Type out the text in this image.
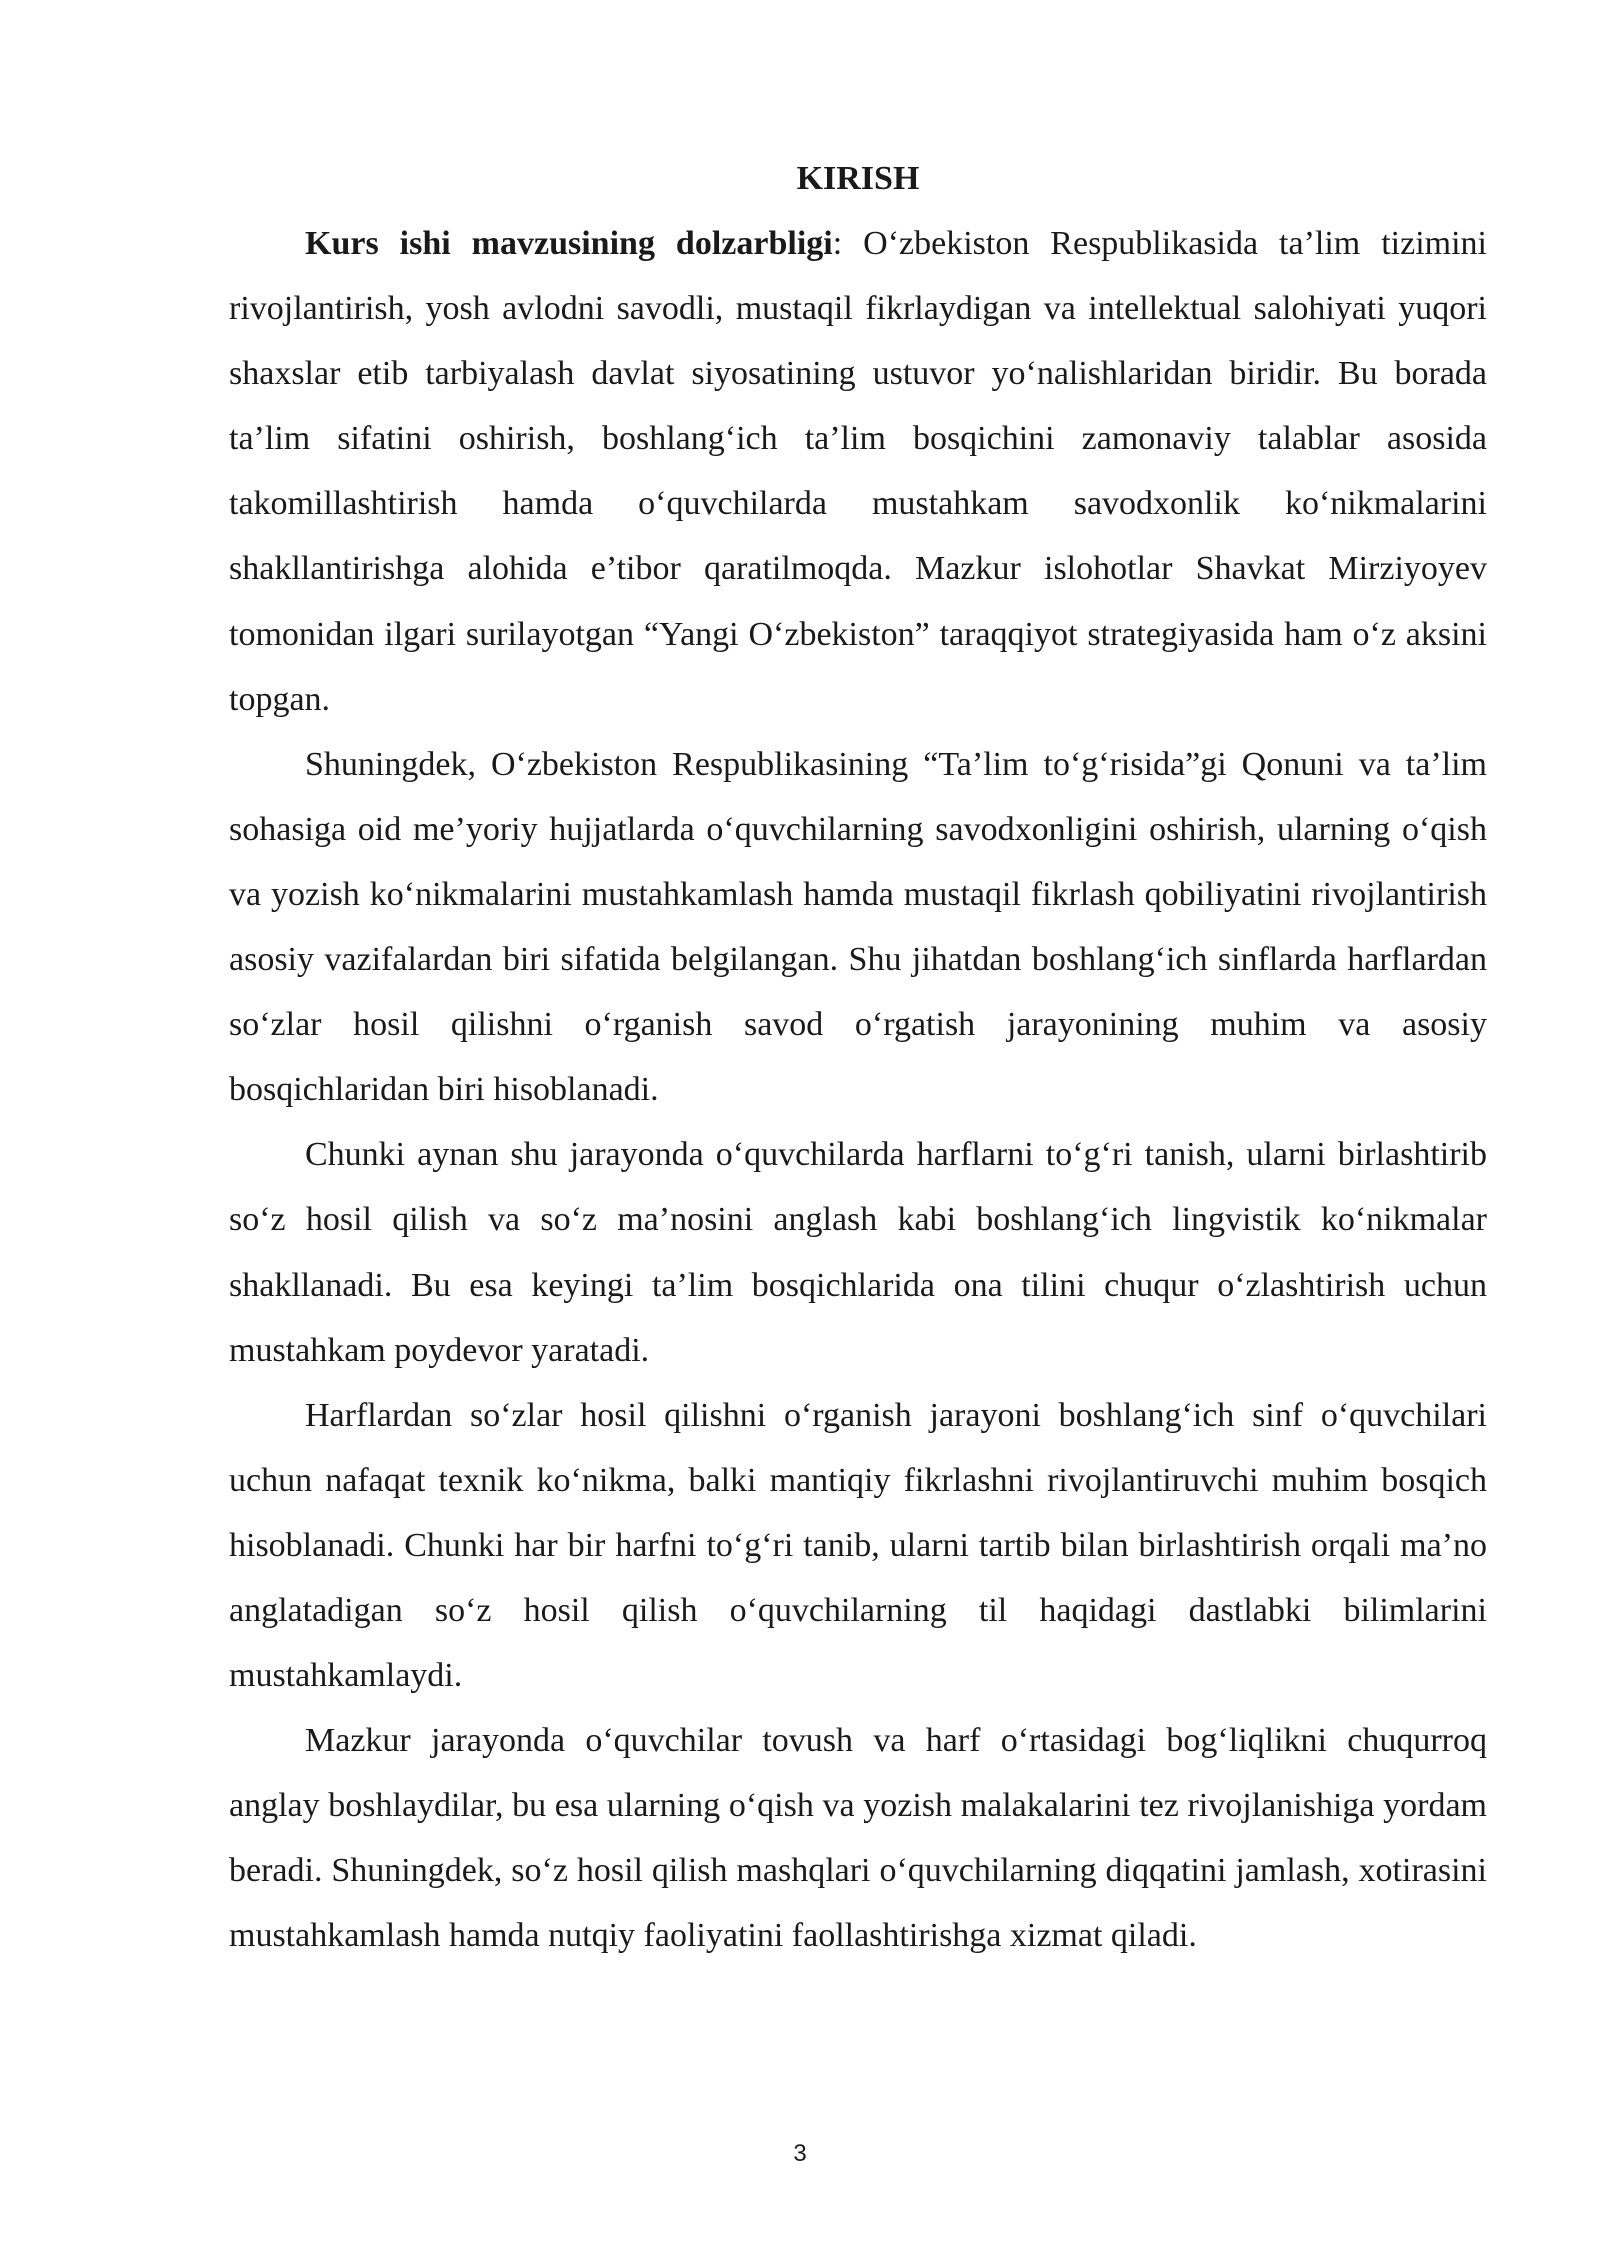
KIRISH

Kurs ishi mavzusining dolzarbligi: O‘zbekiston Respublikasida ta’lim tizimini rivojlantirish, yosh avlodni savodli, mustaqil fikrlaydigan va intellektual salohiyati yuqori shaxslar etib tarbiyalash davlat siyosatining ustuvor yo‘nalishlaridan biridir. Bu borada ta’lim sifatini oshirish, boshlang‘ich ta’lim bosqichini zamonaviy talablar asosida takomillashtirish hamda o‘quvchilarda mustahkam savodxonlik ko‘nikmalarini shakllantirishga alohida e’tibor qaratilmoqda. Mazkur islohotlar Shavkat Mirziyoyev tomonidan ilgari surilayotgan “Yangi O‘zbekiston” taraqqiyot strategiyasida ham o‘z aksini topgan.

Shuningdek, O‘zbekiston Respublikasining “Ta’lim to‘g‘risida”gi Qonuni va ta’lim sohasiga oid me’yoriy hujjatlarda o‘quvchilarning savodxonligini oshirish, ularning o‘qish va yozish ko‘nikmalarini mustahkamlash hamda mustaqil fikrlash qobiliyatini rivojlantirish asosiy vazifalardan biri sifatida belgilangan. Shu jihatdan boshlang‘ich sinflarda harflardan so‘zlar hosil qilishni o‘rganish savod o‘rgatish jarayonining muhim va asosiy bosqichlaridan biri hisoblanadi.

Chunki aynan shu jarayonda o‘quvchilarda harflarni to‘g‘ri tanish, ularni birlashtirib so‘z hosil qilish va so‘z ma’nosini anglash kabi boshlang‘ich lingvistik ko‘nikmalar shakllanadi. Bu esa keyingi ta’lim bosqichlarida ona tilini chuqur o‘zlashtirish uchun mustahkam poydevor yaratadi.

Harflardan so‘zlar hosil qilishni o‘rganish jarayoni boshlang‘ich sinf o‘quvchilari uchun nafaqat texnik ko‘nikma, balki mantiqiy fikrlashni rivojlantiruvchi muhim bosqich hisoblanadi. Chunki har bir harfni to‘g‘ri tanib, ularni tartib bilan birlashtirish orqali ma’no anglatadigan so‘z hosil qilish o‘quvchilarning til haqidagi dastlabki bilimlarini mustahkamlaydi.

Mazkur jarayonda o‘quvchilar tovush va harf o‘rtasidagi bog‘liqlikni chuqurroq anglay boshlaydilar, bu esa ularning o‘qish va yozish malakalarini tez rivojlanishiga yordam beradi. Shuningdek, so‘z hosil qilish mashqlari o‘quvchilarning diqqatini jamlash, xotirasini mustahkamlash hamda nutqiy faoliyatini faollashtirishga xizmat qiladi.

3
